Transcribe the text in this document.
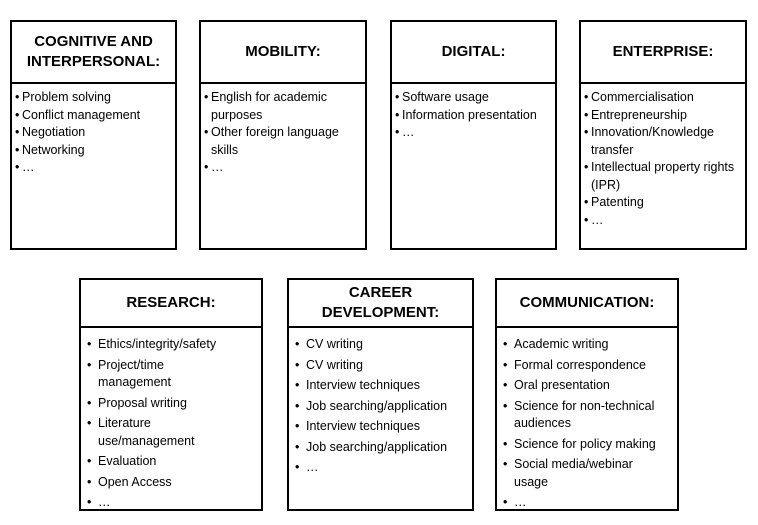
COGNITIVE AND INTERPERSONAL:
• Problem solving
• Conflict management
• Negotiation
• Networking
• …
MOBILITY:
• English for academic purposes
• Other foreign language skills
• …
DIGITAL:
• Software usage
• Information presentation
• …
ENTERPRISE:
• Commercialisation
• Entrepreneurship
• Innovation/Knowledge transfer
• Intellectual property rights (IPR)
• Patenting
• …
RESEARCH:
• Ethics/integrity/safety
• Project/time management
• Proposal writing
• Literature use/management
• Evaluation
• Open Access
• …
CAREER DEVELOPMENT:
• CV writing
• CV writing
• Interview techniques
• Job searching/application
• Interview techniques
• Job searching/application
• …
COMMUNICATION:
• Academic writing
• Formal correspondence
• Oral presentation
• Science for non-technical audiences
• Science for policy making
• Social media/webinar usage
• …
